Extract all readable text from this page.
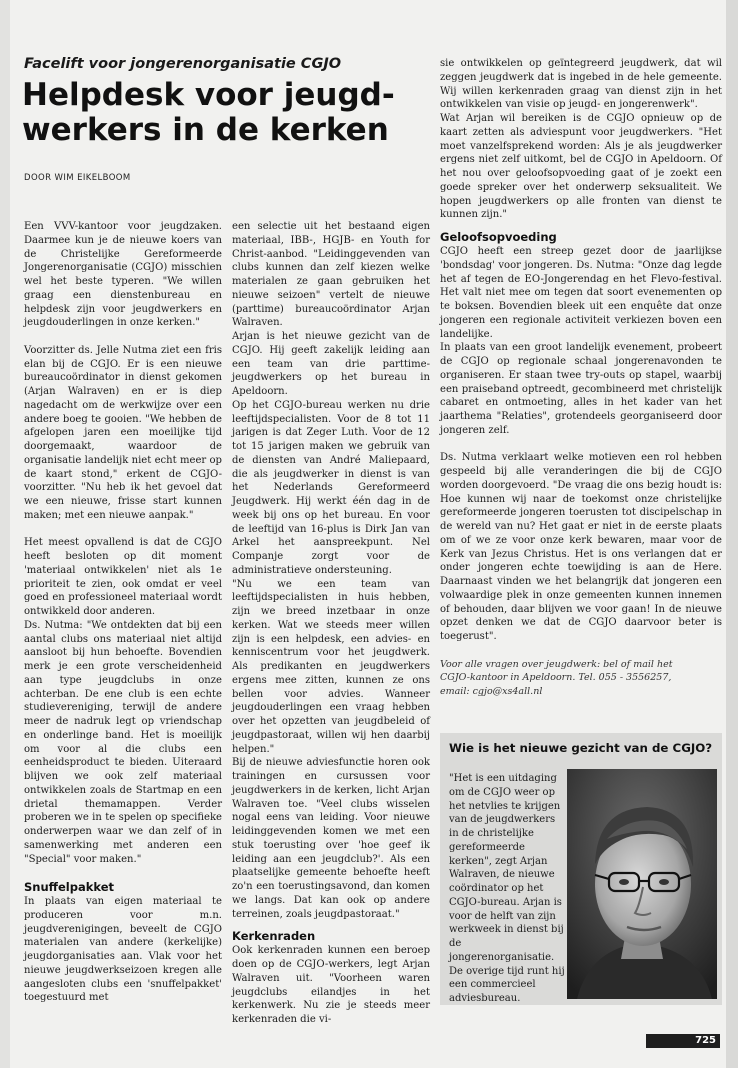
Facelift voor jongerenorganisatie CGJO
Helpdesk voor jeugd-
werkers in de kerken
DOOR WIM EIKELBOOM

Een VVV-kantoor voor jeugdzaken. Daarmee kun je de nieuwe koers van de Christelijke Gereformeerde Jongerenorganisatie (CGJO) misschien wel het beste typeren. "We willen graag een dienstenbureau en helpdesk zijn voor jeugdwerkers en jeugdouderlingen in onze kerken."

Voorzitter ds. Jelle Nutma ziet een fris elan bij de CGJO. Er is een nieuwe bureaucoördinator in dienst gekomen (Arjan Walraven) en er is diep nagedacht om de werkwijze over een andere boeg te gooien. "We hebben de afgelopen jaren een moeilijke tijd doorgemaakt, waardoor de organisatie landelijk niet echt meer op de kaart stond," erkent de CGJO-voorzitter. "Nu heb ik het gevoel dat we een nieuwe, frisse start kunnen maken; met een nieuwe aanpak."

Het meest opvallend is dat de CGJO heeft besloten op dit moment 'materiaal ontwikkelen' niet als 1e prioriteit te zien, ook omdat er veel goed en professioneel materiaal wordt ontwikkeld door anderen.

Ds. Nutma: "We ontdekten dat bij een aantal clubs ons materiaal niet altijd aansloot bij hun behoefte. Bovendien merk je een grote verscheidenheid aan type jeugdclubs in onze achterban. De ene club is een echte studievereniging, terwijl de andere meer de nadruk legt op vriendschap en onderlinge band. Het is moeilijk om voor al die clubs een eenheidsproduct te bieden. Uiteraard blijven we ook zelf materiaal ontwikkelen zoals de Startmap en een drietal themamappen. Verder proberen we in te spelen op specifieke onderwerpen waar we dan zelf of in samenwerking met anderen een "Special" voor maken."

Snuffelpakket

In plaats van eigen materiaal te produceren voor m.n. jeugdverenigingen, beveelt de CGJO materialen van andere (kerkelijke) jeugdorganisaties aan. Vlak voor het nieuwe jeugdwerkseizoen kregen alle aangesloten clubs een 'snuffelpakket' toegestuurd met

een selectie uit het bestaand eigen materiaal, IBB-, HGJB- en Youth for Christ-aanbod. "Leidinggevenden van clubs kunnen dan zelf kiezen welke materialen ze gaan gebruiken het nieuwe seizoen" vertelt de nieuwe (parttime) bureaucoördinator Arjan Walraven.

Arjan is het nieuwe gezicht van de CGJO. Hij geeft zakelijk leiding aan een team van drie parttime-jeugdwerkers op het bureau in Apeldoorn.

Op het CGJO-bureau werken nu drie leeftijdspecialisten. Voor de 8 tot 11 jarigen is dat Zeger Luth. Voor de 12 tot 15 jarigen maken we gebruik van de diensten van André Maliepaard, die als jeugdwerker in dienst is van het Nederlands Gereformeerd Jeugdwerk. Hij werkt één dag in de week bij ons op het bureau. En voor de leeftijd van 16-plus is Dirk Jan van Arkel het aanspreekpunt. Nel Companje zorgt voor de administratieve ondersteuning.

"Nu we een team van leeftijdspecialisten in huis hebben, zijn we breed inzetbaar in onze kerken. Wat we steeds meer willen zijn is een helpdesk, een advies- en kenniscentrum voor het jeugdwerk. Als predikanten en jeugdwerkers ergens mee zitten, kunnen ze ons bellen voor advies. Wanneer jeugdouderlingen een vraag hebben over het opzetten van jeugdbeleid of jeugdpastoraat, willen wij hen daarbij helpen."

Bij de nieuwe adviesfunctie horen ook trainingen en cursussen voor jeugdwerkers in de kerken, licht Arjan Walraven toe. "Veel clubs wisselen nogal eens van leiding. Voor nieuwe leidinggevenden komen we met een stuk toerusting over 'hoe geef ik leiding aan een jeugdclub?'. Als een plaatselijke gemeente behoefte heeft zo'n een toerustingsavond, dan komen we langs. Dat kan ook op andere terreinen, zoals jeugdpastoraat."

Kerkenraden

Ook kerkenraden kunnen een beroep doen op de CGJO-werkers, legt Arjan Walraven uit. "Voorheen waren jeugdclubs eilandjes in het kerkenwerk. Nu zie je steeds meer kerkenraden die vi-

sie ontwikkelen op geïntegreerd jeugdwerk, dat wil zeggen jeugdwerk dat is ingebed in de hele gemeente. Wij willen kerkenraden graag van dienst zijn in het ontwikkelen van visie op jeugd- en jongerenwerk".

Wat Arjan wil bereiken is de CGJO opnieuw op de kaart zetten als adviespunt voor jeugdwerkers. "Het moet vanzelfsprekend worden: Als je als jeugdwerker ergens niet zelf uitkomt, bel de CGJO in Apeldoorn. Of het nou over geloofsopvoeding gaat of je zoekt een goede spreker over het onderwerp seksualiteit. We hopen jeugdwerkers op alle fronten van dienst te kunnen zijn."

Geloofsopvoeding

CGJO heeft een streep gezet door de jaarlijkse 'bondsdag' voor jongeren. Ds. Nutma: "Onze dag legde het af tegen de EO-Jongerendag en het Flevo-festival. Het valt niet mee om tegen dat soort evenementen op te boksen. Bovendien bleek uit een enquête dat onze jongeren een regionale activiteit verkiezen boven een landelijke.

In plaats van een groot landelijk evenement, probeert de CGJO op regionale schaal jongerenavonden te organiseren. Er staan twee try-outs op stapel, waarbij een praiseband optreedt, gecombineerd met christelijk cabaret en ontmoeting, alles in het kader van het jaarthema "Relaties", grotendeels georganiseerd door jongeren zelf.

Ds. Nutma verklaart welke motieven een rol hebben gespeeld bij alle veranderingen die bij de CGJO worden doorgevoerd. "De vraag die ons bezig houdt is: Hoe kunnen wij naar de toekomst onze christelijke gereformeerde jongeren toerusten tot discipelschap in de wereld van nu? Het gaat er niet in de eerste plaats om of we ze voor onze kerk bewaren, maar voor de Kerk van Jezus Christus. Het is ons verlangen dat er onder jongeren echte toewijding is aan de Here. Daarnaast vinden we het belangrijk dat jongeren een volwaardige plek in onze gemeenten kunnen innemen of behouden, daar blijven we voor gaan! In de nieuwe opzet denken we dat de CGJO daarvoor beter is toegerust".

Voor alle vragen over jeugdwerk: bel of mail het
CGJO-kantoor in Apeldoorn. Tel. 055 - 3556257,
email: cgjo@xs4all.nl
Wie is het nieuwe gezicht van de CGJO?
"Het is een uitdaging om de CGJO weer op het netvlies te krijgen van de jeugdwerkers in de christelijke gereformeerde kerken", zegt Arjan Walraven, de nieuwe coördinator op het CGJO-bureau. Arjan is voor de helft van zijn werkweek in dienst bij de jongerenorganisatie. De overige tijd runt hij een commercieel adviesbureau.
725
